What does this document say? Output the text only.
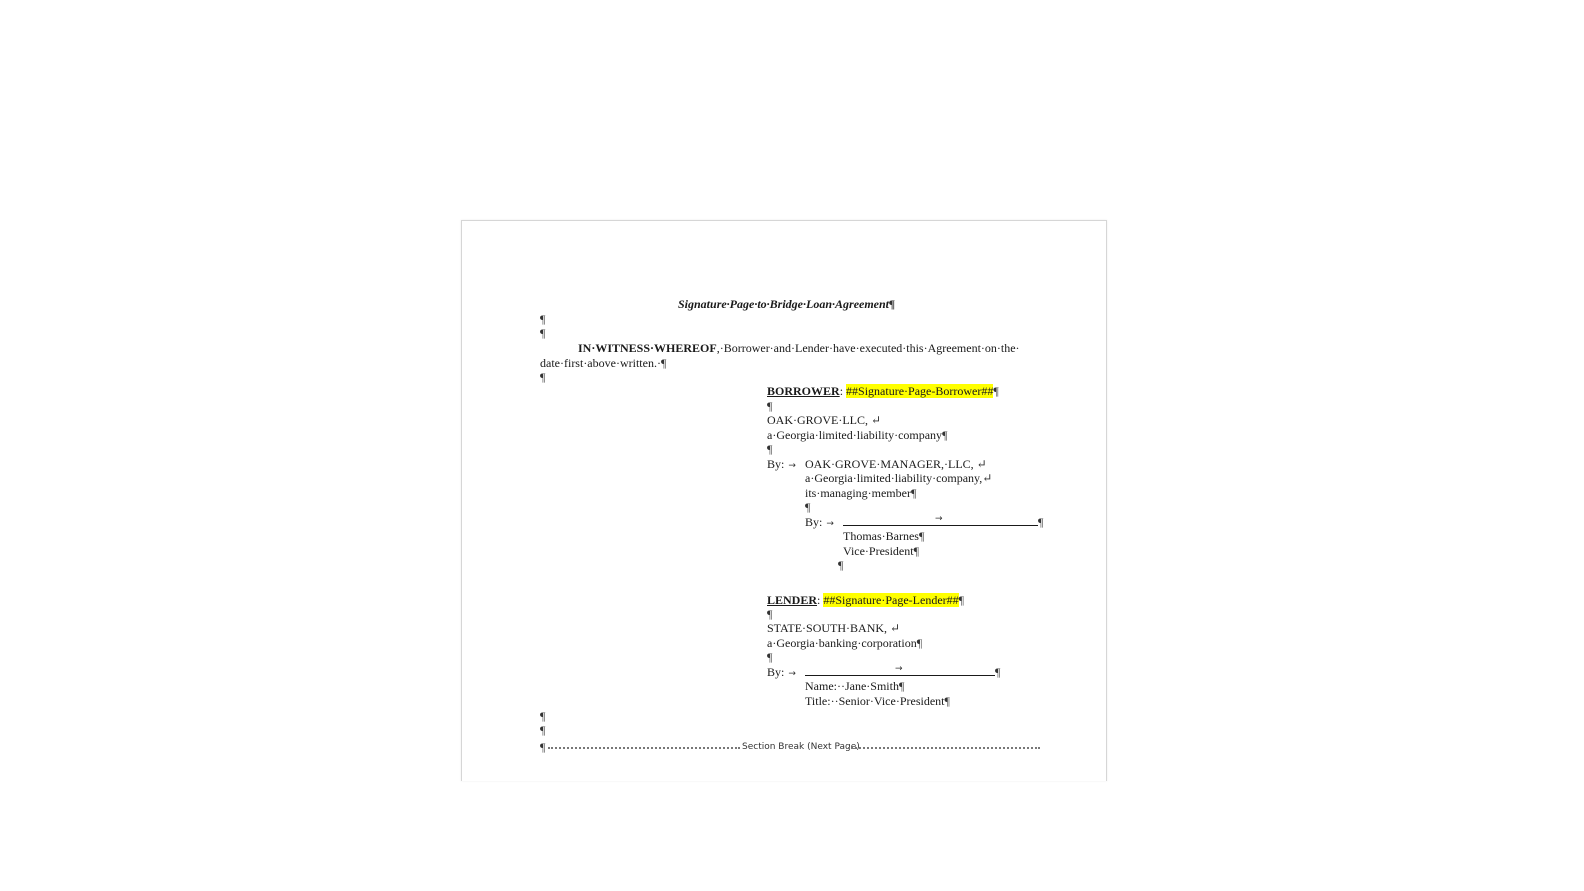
Signature·Page·to·Bridge·Loan·Agreement¶
¶
¶
IN·WITNESS·WHEREOF,·Borrower·and·Lender·have·executed·this·Agreement·on·the·
date·first·above·written.·¶
¶
BORROWER: ##Signature·Page-Borrower##¶
¶
OAK·GROVE·LLC, ↵
a·Georgia·limited·liability·company¶
¶
By: → OAK·GROVE·MANAGER,·LLC, ↵
a·Georgia·limited·liability·company,↵
its·managing·member¶
¶
By: →	→	¶
Thomas·Barnes¶
Vice·President¶
¶
LENDER: ##Signature·Page-Lender##¶
¶
STATE·SOUTH·BANK, ↵
a·Georgia·banking·corporation¶
¶
By: →	→	¶
Name:··Jane·Smith¶
Title:··Senior·Vice·President¶
¶
¶
¶	Section Break (Next Page)
